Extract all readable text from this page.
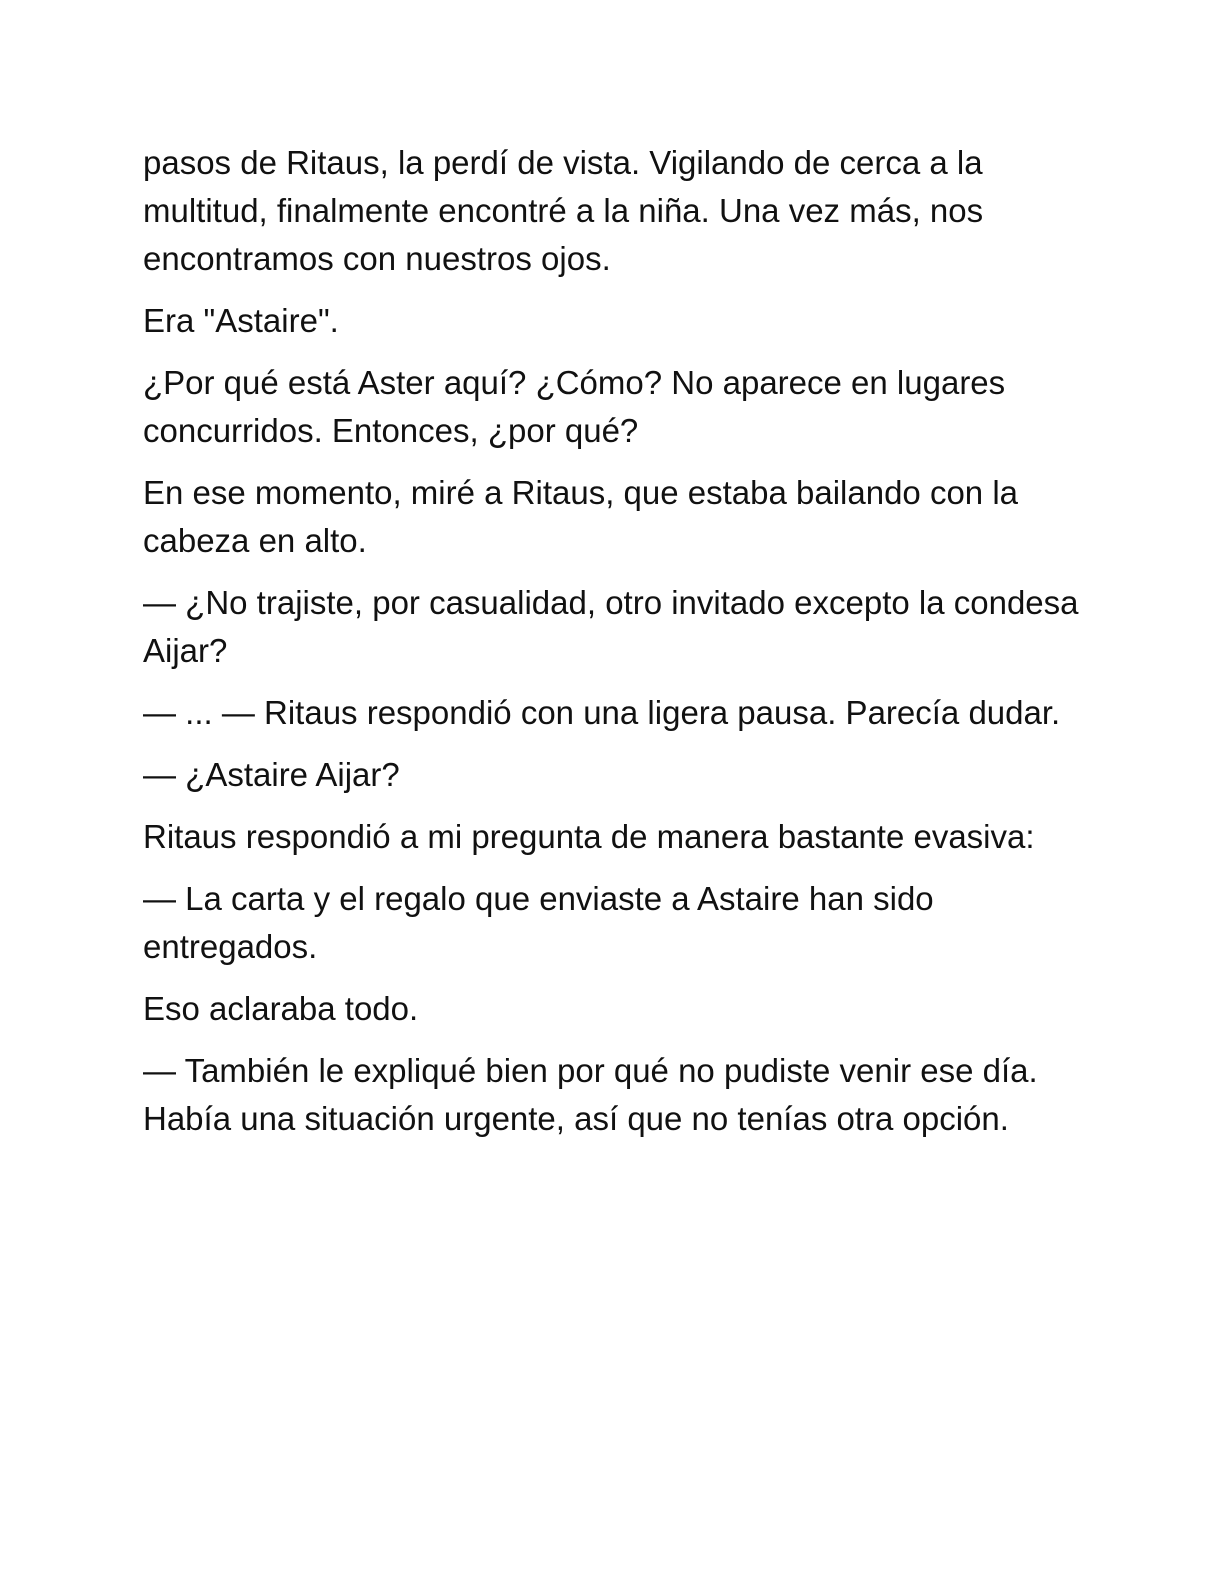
pasos de Ritaus, la perdí de vista. Vigilando de cerca a la multitud, finalmente encontré a la niña. Una vez más, nos encontramos con nuestros ojos.

Era "Astaire".

¿Por qué está Aster aquí? ¿Cómo? No aparece en lugares concurridos. Entonces, ¿por qué?

En ese momento, miré a Ritaus, que estaba bailando con la cabeza en alto.

— ¿No trajiste, por casualidad, otro invitado excepto la condesa Aijar?

— ... — Ritaus respondió con una ligera pausa. Parecía dudar.

— ¿Astaire Aijar?

Ritaus respondió a mi pregunta de manera bastante evasiva:

— La carta y el regalo que enviaste a Astaire han sido entregados.

Eso aclaraba todo.

— También le expliqué bien por qué no pudiste venir ese día. Había una situación urgente, así que no tenías otra opción.
